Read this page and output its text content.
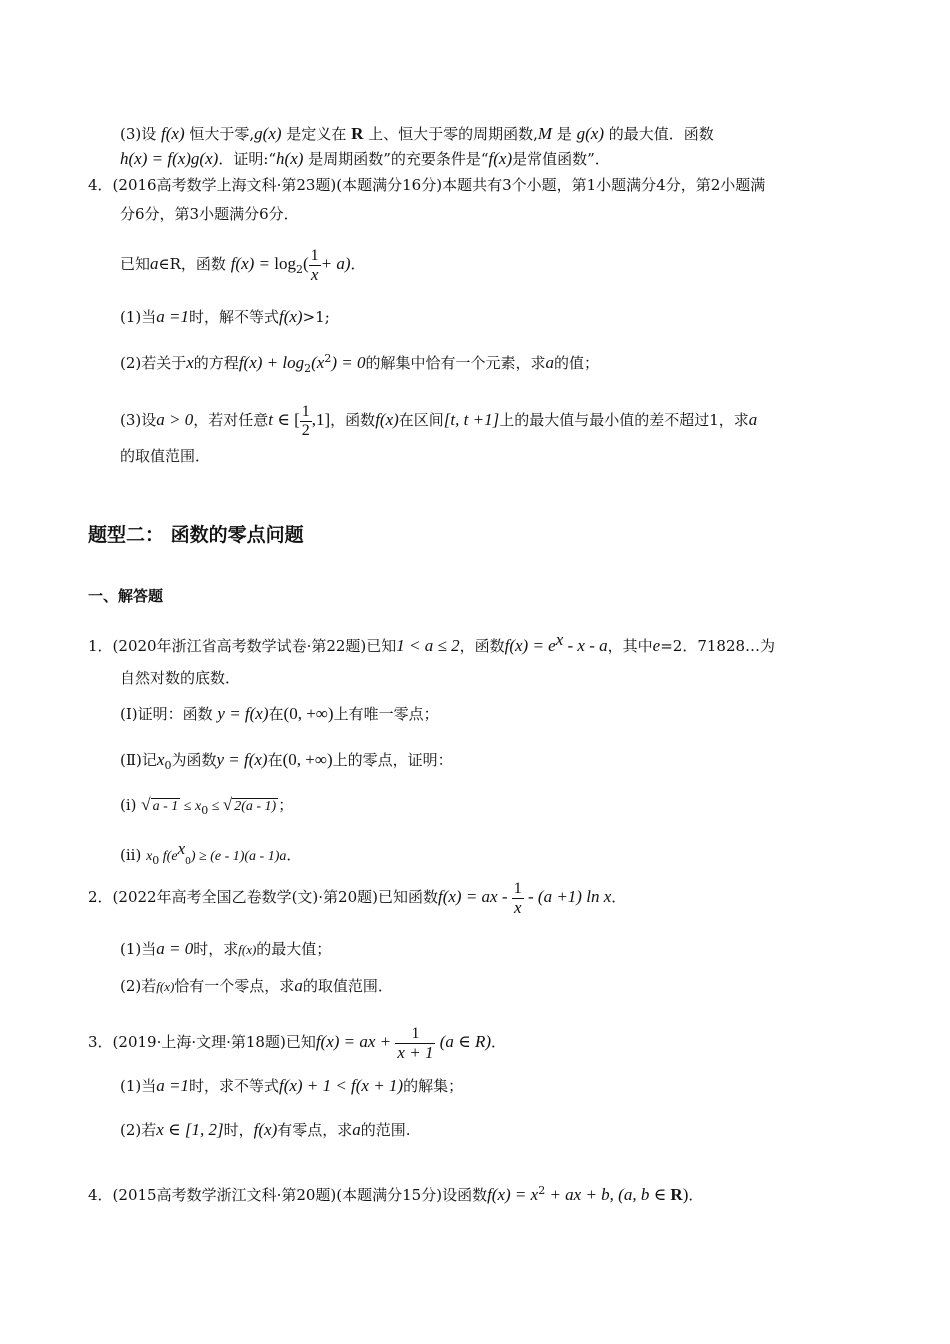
(3)设 f(x) 恒大于零,g(x) 是定义在 R 上、恒大于零的周期函数,M 是 g(x) 的最大值．函数
h(x) = f(x)g(x)．证明:“h(x) 是周期函数”的充要条件是“f(x)是常值函数”．
4．(2016高考数学上海文科·第23题)(本题满分16分)本题共有3个小题，第1小题满分4分，第2小题满
分6分，第3小题满分6分．
已知a∈R，函数 $f(x) = \log_2( \frac{1}{x} + a)$．
(1)当a =1时，解不等式f(x)>1;
(2)若关于x的方程$f(x) + \log_2(x^2) = 0$的解集中恰有一个元素，求a的值；
(3)设a > 0，若对任意t ∈ [ $\frac{1}{2} ,1$]，函数f(x)在区间[t, t +1]上的最大值与最小值的差不超过1，求a
的取值范围．
题型二： 函数的零点问题
一、解答题
1．(2020年浙江省高考数学试卷·第22题)已知1 < a ≤ 2，函数$f(x) = e^x - x - a$，其中e=2．71828…为
自然对数的底数．
(Ⅰ)证明：函数 y = f(x)在(0, +∞)上有唯一零点；
(Ⅱ)记$x_0$为函数y = f(x)在(0, +∞)上的零点，证明：
(i) √ $a - 1 \le x_0$ ≤ √ 2(a - 1) ；
(ii) $x_0$ $f(e^x_0) \ge (e - 1)(a - 1)a$．
2．(2022年高考全国乙卷数学(文)·第20题)已知函数f(x) = ax - $\frac{1}{x} - (a +1)$ ln x．
(1)当a = 0时，求f(x)的最大值；
(2)若f(x)恰有一个零点，求a的取值范围．
3．(2019·上海·文理·第18题)已知f(x) = ax + $\frac{1}{x + 1} (a$ ∈ R)．
(1)当a =1时，求不等式f(x) + 1 < f(x + 1)的解集；
(2)若x ∈ [1, 2]时，f(x)有零点，求a的范围.
4．(2015高考数学浙江文科·第20题)(本题满分15分)设函数$f(x) = x^2$ + ax + b, (a, b ∈ R)．
